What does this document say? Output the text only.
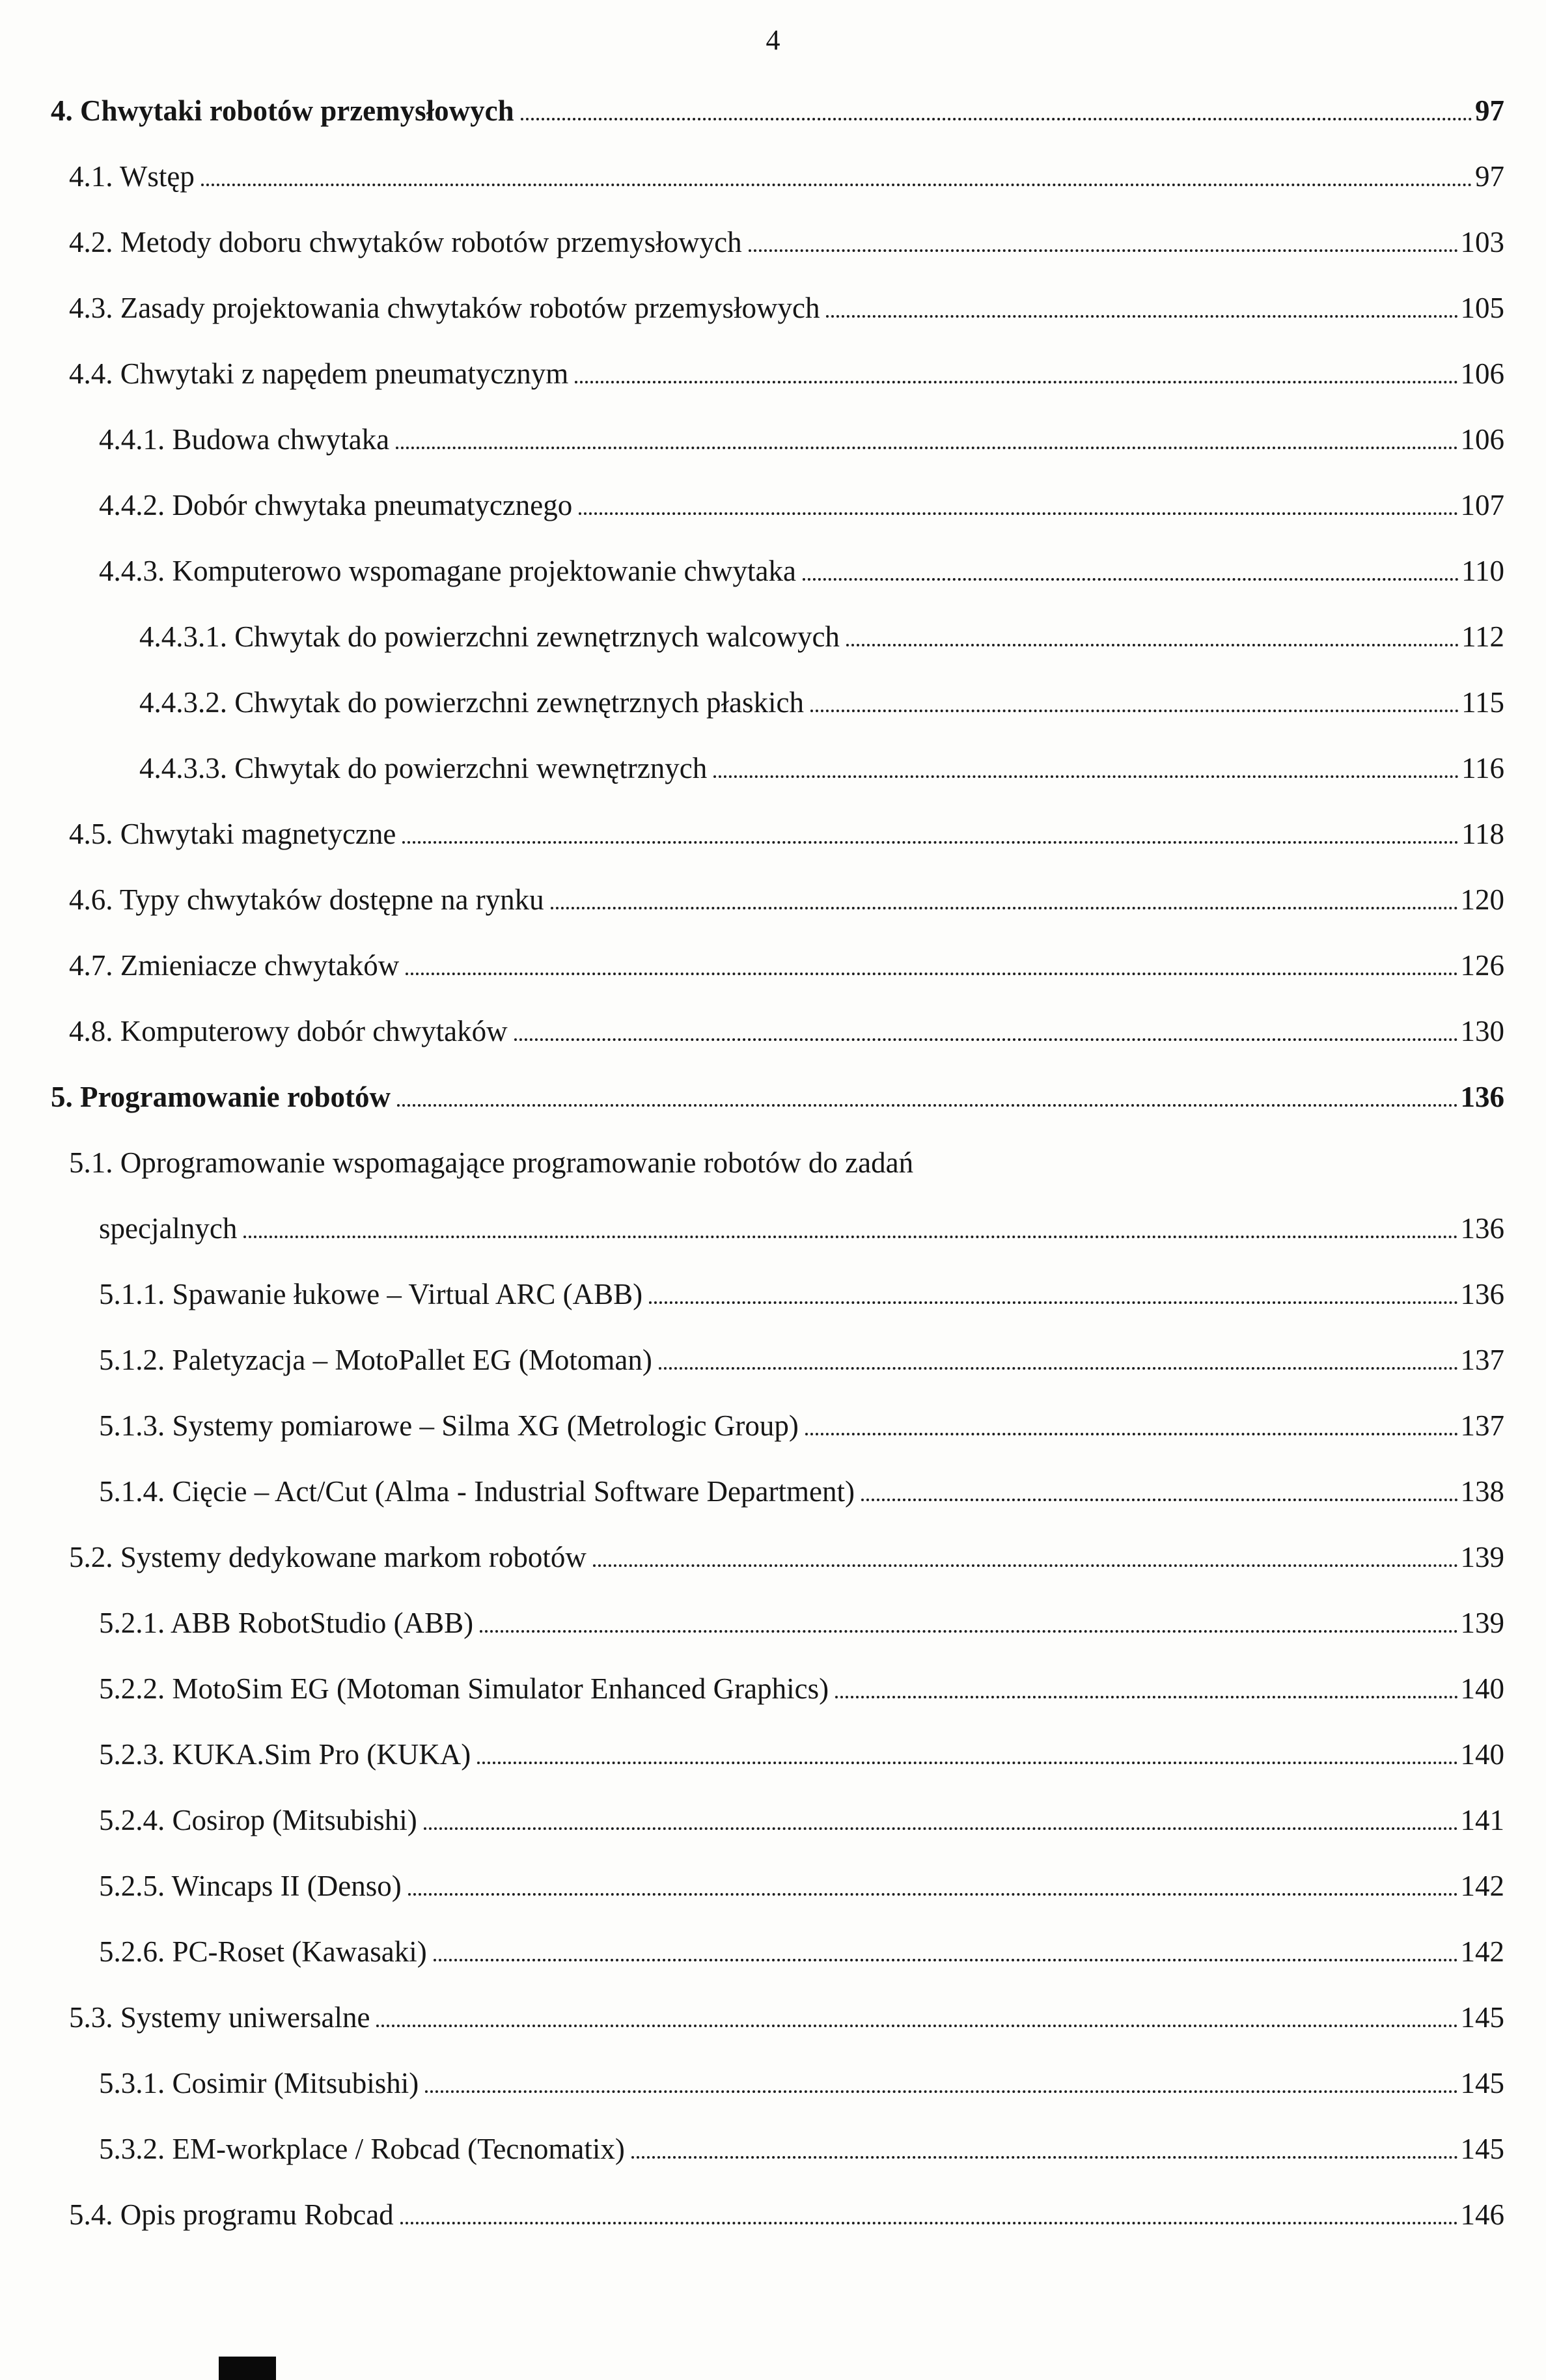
4
4. Chwytaki robotów przemysłowych	97
4.1. Wstęp	97
4.2. Metody doboru chwytaków robotów przemysłowych	103
4.3. Zasady projektowania chwytaków robotów przemysłowych	105
4.4. Chwytaki z napędem pneumatycznym	106
4.4.1. Budowa chwytaka	106
4.4.2. Dobór chwytaka pneumatycznego	107
4.4.3. Komputerowo wspomagane projektowanie chwytaka	110
4.4.3.1. Chwytak do powierzchni zewnętrznych walcowych	112
4.4.3.2. Chwytak do powierzchni zewnętrznych płaskich	115
4.4.3.3. Chwytak do powierzchni wewnętrznych	116
4.5. Chwytaki magnetyczne	118
4.6. Typy chwytaków dostępne na rynku	120
4.7. Zmieniacze chwytaków	126
4.8. Komputerowy dobór chwytaków	130
5. Programowanie robotów	136
5.1. Oprogramowanie wspomagające programowanie robotów do zadań
specjalnych	136
5.1.1. Spawanie łukowe – Virtual ARC (ABB)	136
5.1.2. Paletyzacja – MotoPallet EG (Motoman)	137
5.1.3. Systemy pomiarowe – Silma XG (Metrologic Group)	137
5.1.4. Cięcie – Act/Cut (Alma - Industrial Software Department)	138
5.2. Systemy dedykowane markom robotów	139
5.2.1. ABB RobotStudio (ABB)	139
5.2.2. MotoSim EG (Motoman Simulator Enhanced Graphics)	140
5.2.3. KUKA.Sim Pro (KUKA)	140
5.2.4. Cosirop (Mitsubishi)	141
5.2.5. Wincaps II (Denso)	142
5.2.6. PC-Roset (Kawasaki)	142
5.3. Systemy uniwersalne	145
5.3.1. Cosimir (Mitsubishi)	145
5.3.2. EM-workplace / Robcad (Tecnomatix)	145
5.4. Opis programu Robcad	146
